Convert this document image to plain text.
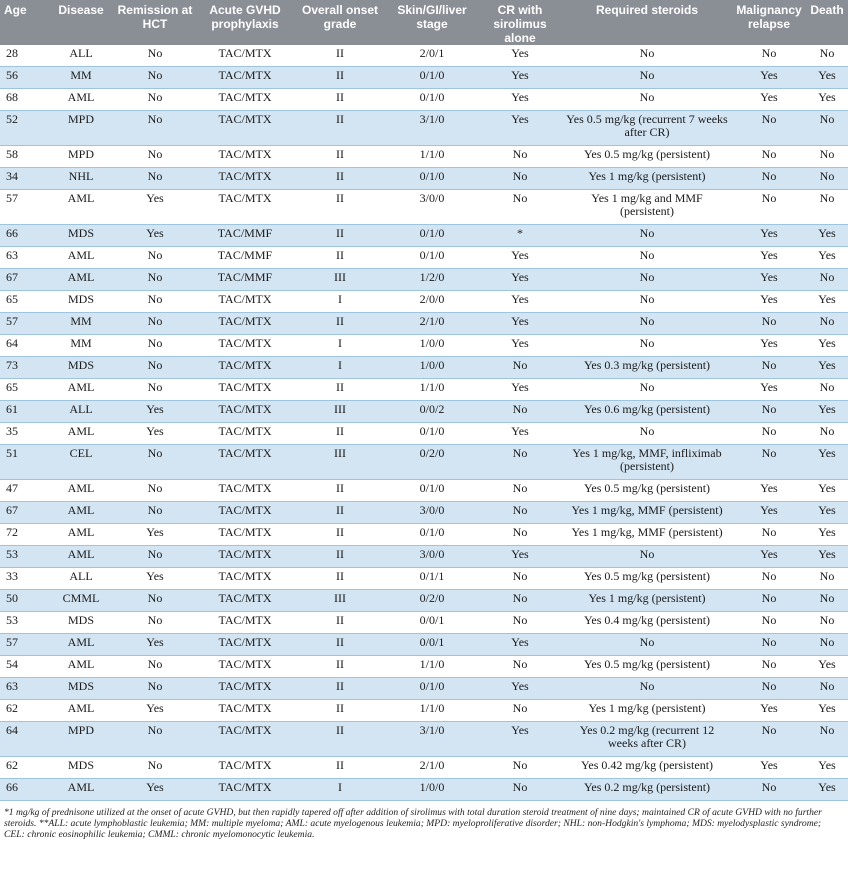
Age	Disease	Remission at HCT	Acute GVHD prophylaxis	Overall onset grade	Skin/GI/liver stage	CR with sirolimus alone	Required steroids	Malignancy relapse	Death
28	ALL	No	TAC/MTX	II	2/0/1	Yes	No	No	No
56	MM	No	TAC/MTX	II	0/1/0	Yes	No	Yes	Yes
68	AML	No	TAC/MTX	II	0/1/0	Yes	No	Yes	Yes
52	MPD	No	TAC/MTX	II	3/1/0	Yes	Yes 0.5 mg/kg (recurrent 7 weeks after CR)	No	No
58	MPD	No	TAC/MTX	II	1/1/0	No	Yes 0.5 mg/kg (persistent)	No	No
34	NHL	No	TAC/MTX	II	0/1/0	No	Yes 1 mg/kg (persistent)	No	No
57	AML	Yes	TAC/MTX	II	3/0/0	No	Yes 1 mg/kg and MMF (persistent)	No	No
66	MDS	Yes	TAC/MMF	II	0/1/0	*	No	Yes	Yes
63	AML	No	TAC/MMF	II	0/1/0	Yes	No	Yes	Yes
67	AML	No	TAC/MMF	III	1/2/0	Yes	No	Yes	No
65	MDS	No	TAC/MTX	I	2/0/0	Yes	No	Yes	Yes
57	MM	No	TAC/MTX	II	2/1/0	Yes	No	No	No
64	MM	No	TAC/MTX	I	1/0/0	Yes	No	Yes	Yes
73	MDS	No	TAC/MTX	I	1/0/0	No	Yes 0.3 mg/kg (persistent)	No	Yes
65	AML	No	TAC/MTX	II	1/1/0	Yes	No	Yes	No
61	ALL	Yes	TAC/MTX	III	0/0/2	No	Yes 0.6 mg/kg (persistent)	No	Yes
35	AML	Yes	TAC/MTX	II	0/1/0	Yes	No	No	No
51	CEL	No	TAC/MTX	III	0/2/0	No	Yes 1 mg/kg, MMF, infliximab (persistent)	No	Yes
47	AML	No	TAC/MTX	II	0/1/0	No	Yes 0.5 mg/kg (persistent)	Yes	Yes
67	AML	No	TAC/MTX	II	3/0/0	No	Yes 1 mg/kg, MMF (persistent)	Yes	Yes
72	AML	Yes	TAC/MTX	II	0/1/0	No	Yes 1 mg/kg, MMF (persistent)	No	Yes
53	AML	No	TAC/MTX	II	3/0/0	Yes	No	Yes	Yes
33	ALL	Yes	TAC/MTX	II	0/1/1	No	Yes 0.5 mg/kg (persistent)	No	No
50	CMML	No	TAC/MTX	III	0/2/0	No	Yes 1 mg/kg (persistent)	No	No
53	MDS	No	TAC/MTX	II	0/0/1	No	Yes 0.4 mg/kg (persistent)	No	No
57	AML	Yes	TAC/MTX	II	0/0/1	Yes	No	No	No
54	AML	No	TAC/MTX	II	1/1/0	No	Yes 0.5 mg/kg (persistent)	No	Yes
63	MDS	No	TAC/MTX	II	0/1/0	Yes	No	No	No
62	AML	Yes	TAC/MTX	II	1/1/0	No	Yes 1 mg/kg (persistent)	Yes	Yes
64	MPD	No	TAC/MTX	II	3/1/0	Yes	Yes 0.2 mg/kg (recurrent 12 weeks after CR)	No	No
62	MDS	No	TAC/MTX	II	2/1/0	No	Yes 0.42 mg/kg (persistent)	Yes	Yes
66	AML	Yes	TAC/MTX	I	1/0/0	No	Yes 0.2 mg/kg (persistent)	No	Yes

*1 mg/kg of prednisone utilized at the onset of acute GVHD, but then rapidly tapered off after addition of sirolimus with total duration steroid treatment of nine days; maintained CR of acute GVHD with no further steroids. **ALL: acute lymphoblastic leukemia; MM: multiple myeloma; AML: acute myelogenous leukemia; MPD: myeloproliferative disorder; NHL: non-Hodgkin's lymphoma; MDS: myelodysplastic syndrome; CEL: chronic eosinophilic leukemia; CMML: chronic myelomonocytic leukemia.
